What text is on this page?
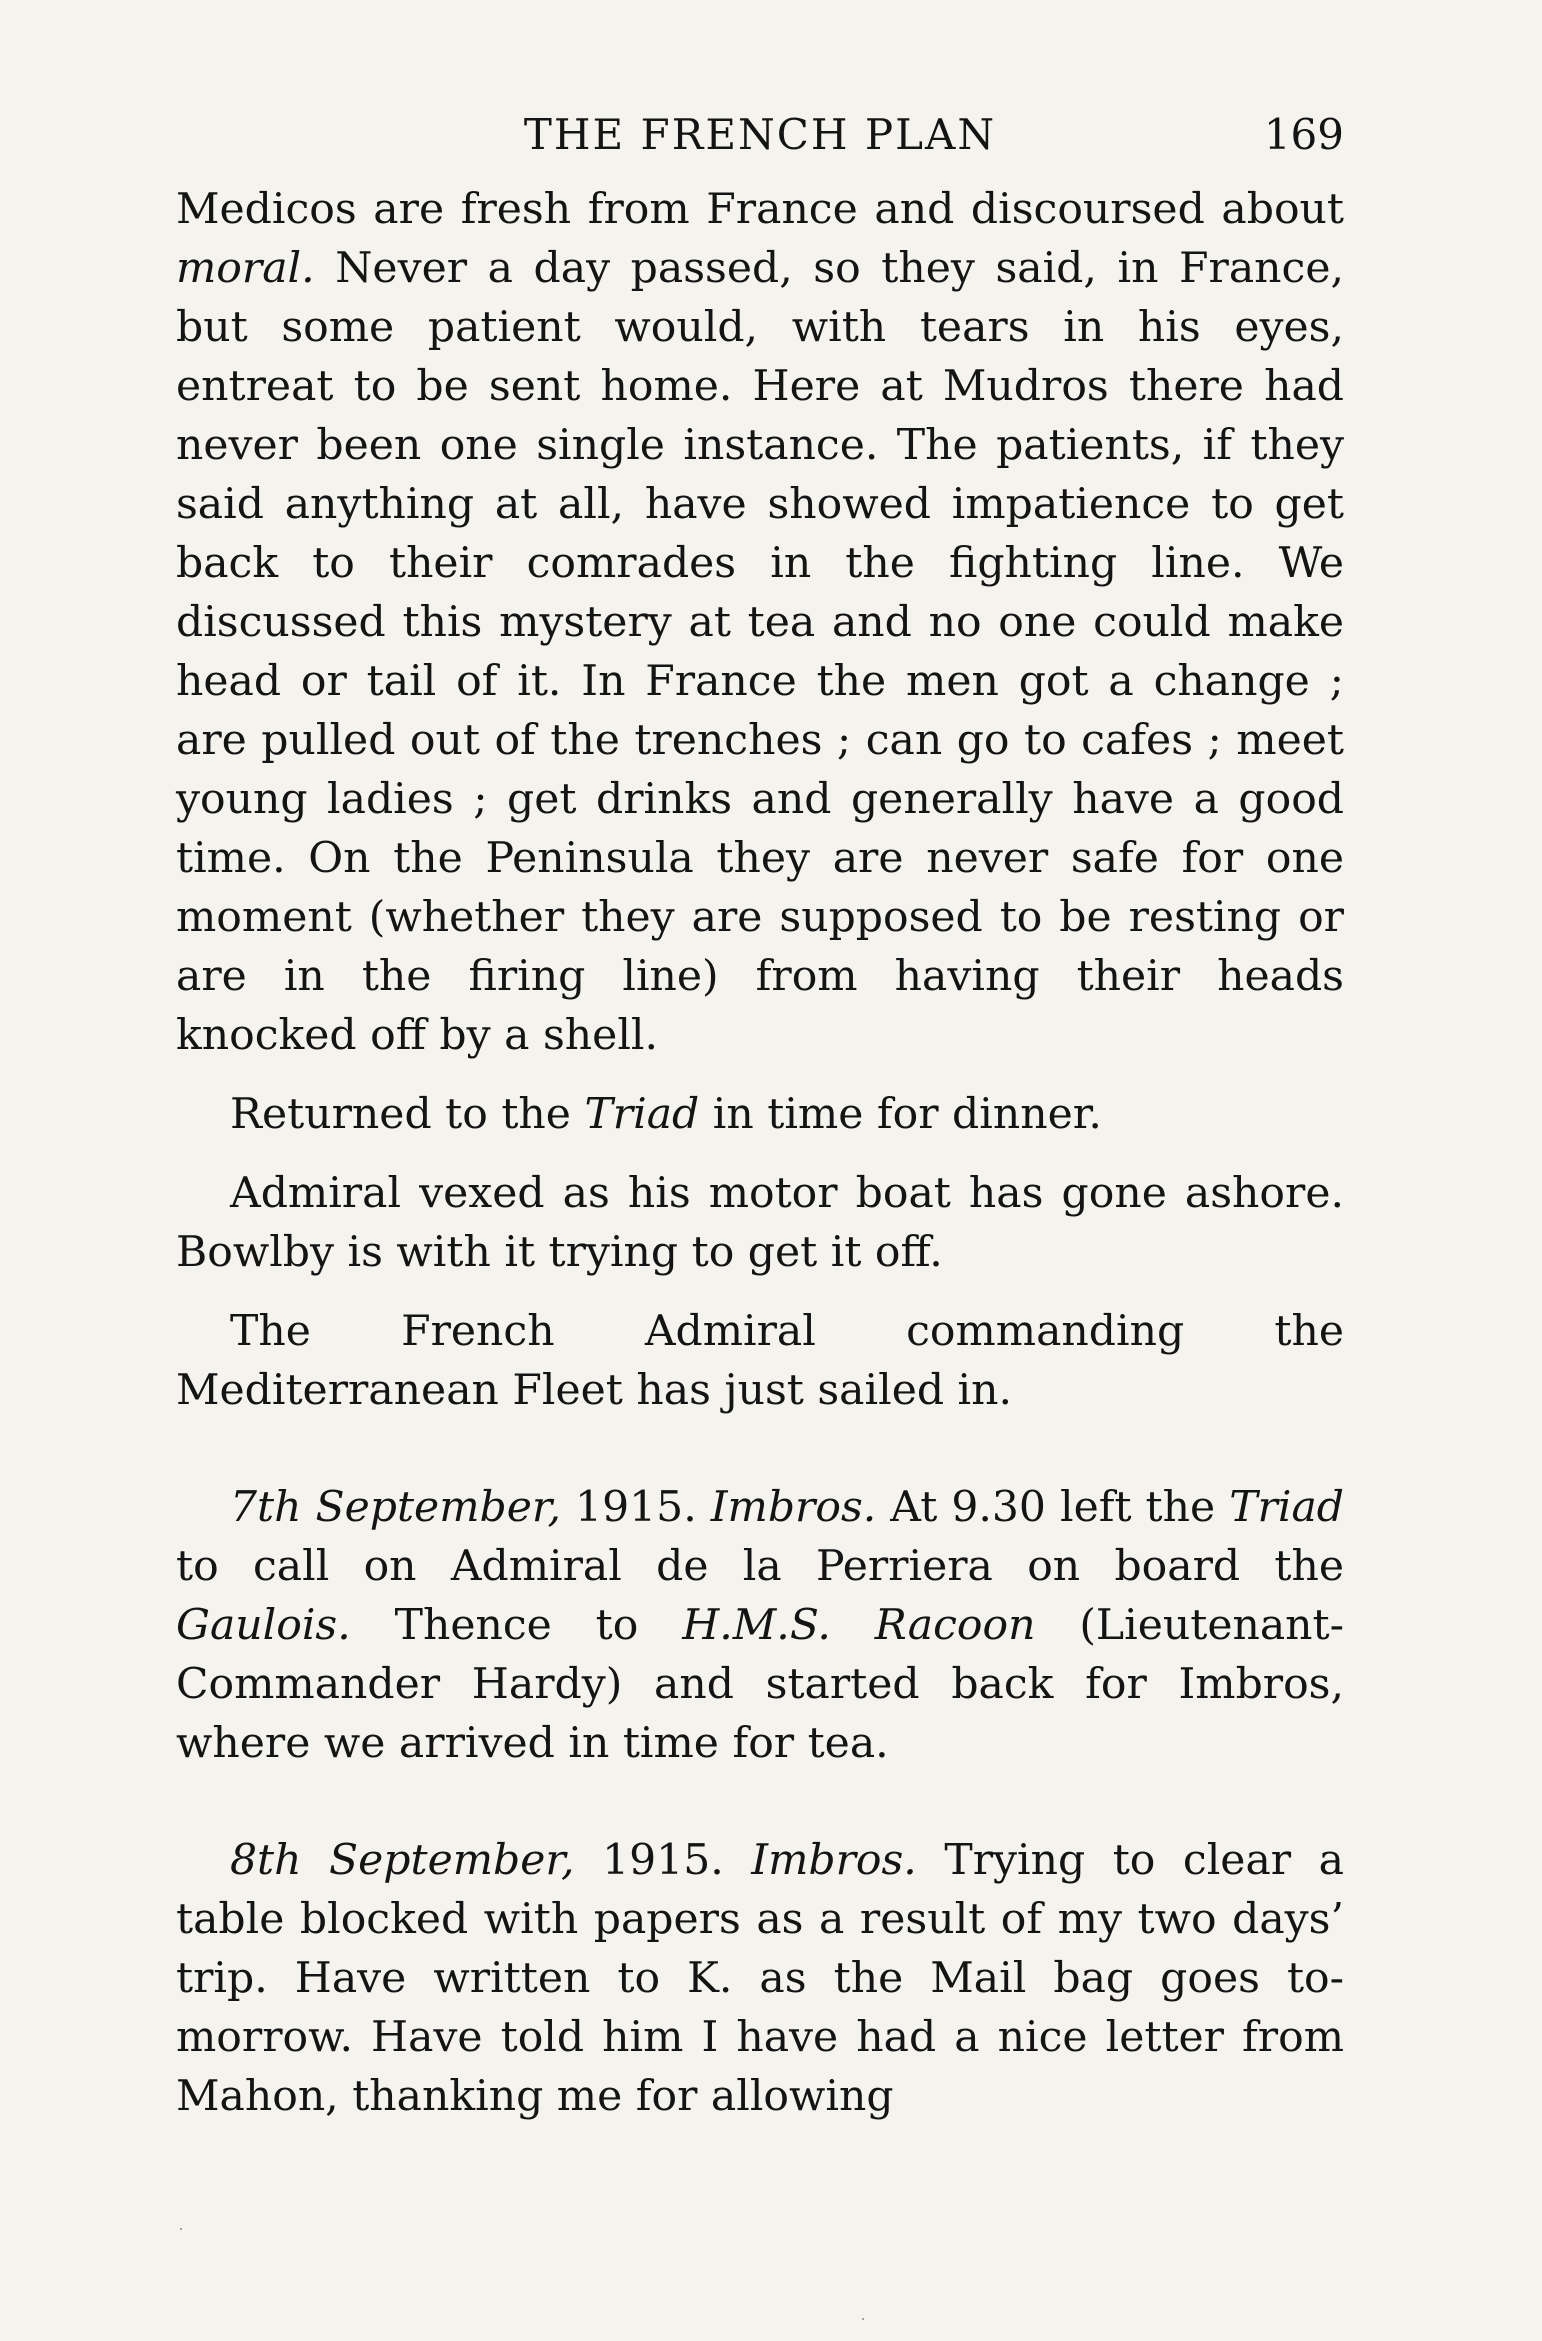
THE FRENCH PLAN	169

Medicos are fresh from France and discoursed about moral. Never a day passed, so they said, in France, but some patient would, with tears in his eyes, entreat to be sent home. Here at Mudros there had never been one single instance. The patients, if they said anything at all, have showed impatience to get back to their comrades in the fighting line. We discussed this mystery at tea and no one could make head or tail of it. In France the men got a change ; are pulled out of the trenches ; can go to cafes ; meet young ladies ; get drinks and generally have a good time. On the Peninsula they are never safe for one moment (whether they are supposed to be resting or are in the firing line) from having their heads knocked off by a shell.

Returned to the Triad in time for dinner.

Admiral vexed as his motor boat has gone ashore. Bowlby is with it trying to get it off.

The French Admiral commanding the Mediterranean Fleet has just sailed in.

7th September, 1915. Imbros. At 9.30 left the Triad to call on Admiral de la Perriera on board the Gaulois. Thence to H.M.S. Racoon (Lieutenant-Commander Hardy) and started back for Imbros, where we arrived in time for tea.

8th September, 1915. Imbros. Trying to clear a table blocked with papers as a result of my two days’ trip. Have written to K. as the Mail bag goes to-morrow. Have told him I have had a nice letter from Mahon, thanking me for allowing
